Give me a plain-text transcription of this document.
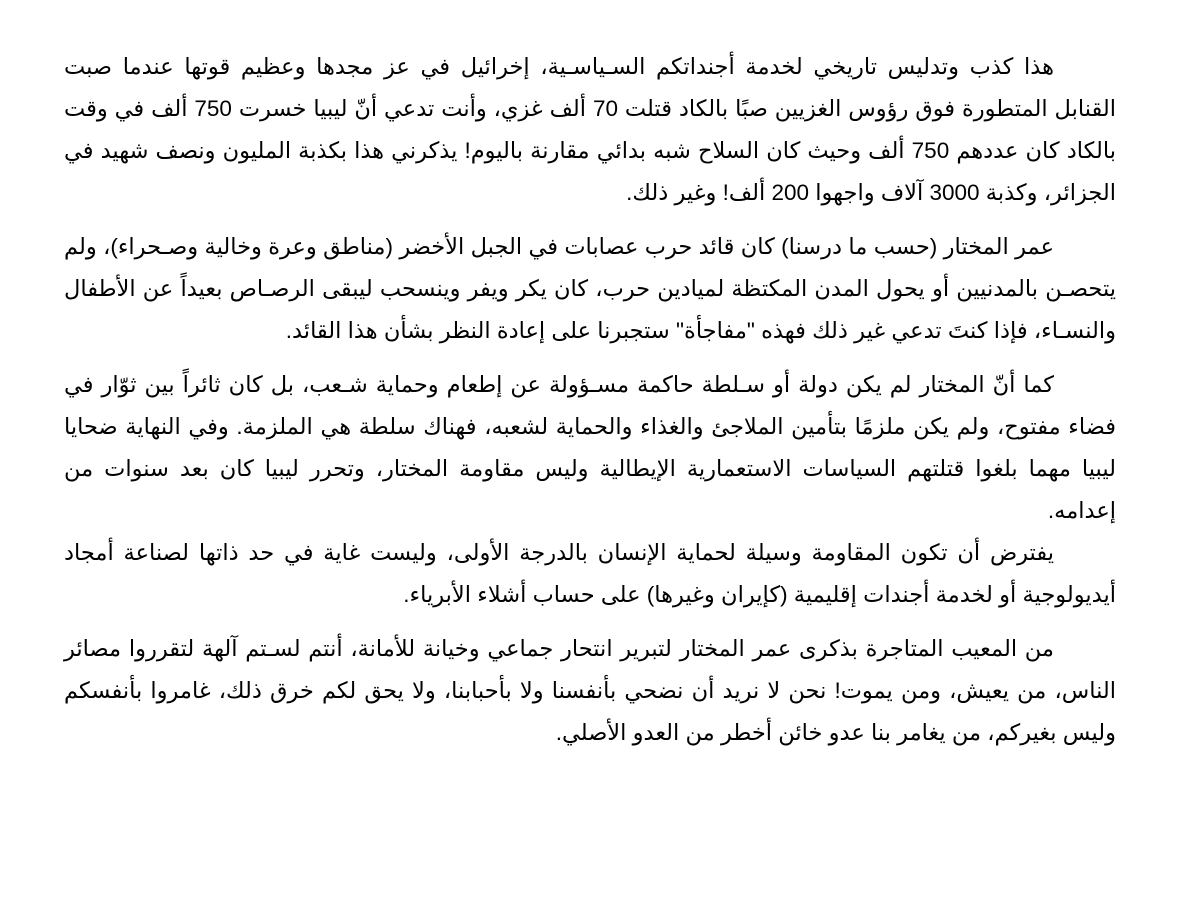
هذا كذب وتدليس تاريخي لخدمة أجنداتكم السـياسـية، إخرائيل في عز مجدها وعظيم قوتها عندما صبت القنابل المتطورة فوق رؤوس الغزيين صبًا بالكاد قتلت 70 ألف غزي، وأنت تدعي أنّ ليبيا خسرت 750 ألف في وقت بالكاد كان عددهم 750 ألف وحيث كان السلاح شبه بدائي مقارنة باليوم! يذكرني هذا بكذبة المليون ونصف شهيد في الجزائر، وكذبة 3000 آلاف واجهوا 200 ألف! وغير ذلك.

عمر المختار (حسب ما درسنا) كان قائد حرب عصابات في الجبل الأخضر (مناطق وعرة وخالية وصـحراء)، ولم يتحصـن بالمدنيين أو يحول المدن المكتظة لميادين حرب، كان يكر ويفر وينسحب ليبقى الرصـاص بعيداً عن الأطفال والنسـاء، فإذا كنتَ تدعي غير ذلك فهذه "مفاجأة" ستجبرنا على إعادة النظر بشأن هذا القائد.

كما أنّ المختار لم يكن دولة أو سـلطة حاكمة مسـؤولة عن إطعام وحماية شـعب، بل كان ثائراً بين ثوّار في فضاء مفتوح، ولم يكن ملزمًا بتأمين الملاجئ والغذاء والحماية لشعبه، فهناك سلطة هي الملزمة. وفي النهاية ضحايا ليبيا مهما بلغوا قتلتهم السياسات الاستعمارية الإيطالية وليس مقاومة المختار، وتحرر ليبيا كان بعد سنوات من إعدامه.

يفترض أن تكون المقاومة وسيلة لحماية الإنسان بالدرجة الأولى، وليست غاية في حد ذاتها لصناعة أمجاد أيديولوجية أو لخدمة أجندات إقليمية (كإيران وغيرها) على حساب أشلاء الأبرياء.

من المعيب المتاجرة بذكرى عمر المختار لتبرير انتحار جماعي وخيانة للأمانة، أنتم لسـتم آلهة لتقرروا مصائر الناس، من يعيش، ومن يموت! نحن لا نريد أن نضحي بأنفسنا ولا بأحبابنا، ولا يحق لكم خرق ذلك، غامروا بأنفسكم وليس بغيركم، من يغامر بنا عدو خائن أخطر من العدو الأصلي.
